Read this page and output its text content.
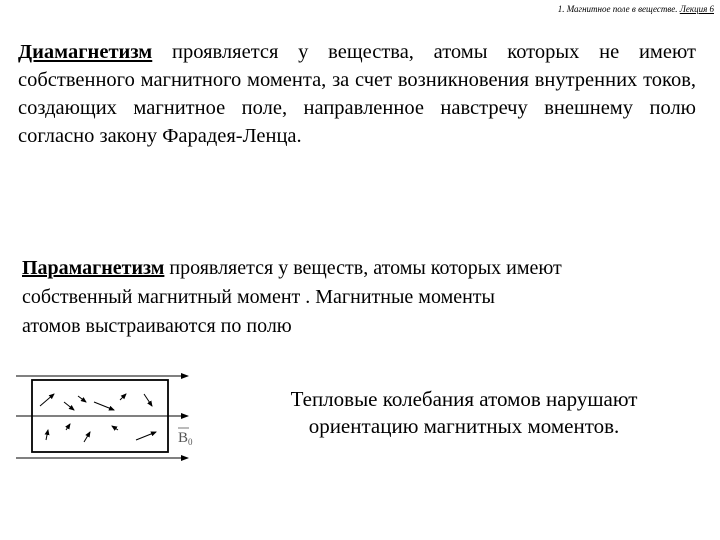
1. Магнитное поле в веществе. Лекция 6
Диамагнетизм проявляется у вещества, атомы которых не имеют собственного магнитного момента, за счет возникновения внутренних токов, создающих магнитное поле, направленное навстречу внешнему полю согласно закону Фарадея-Ленца.
Парамагнетизм проявляется у веществ, атомы которых имеют
собственный магнитный момент . Магнитные моменты
атомов выстраиваются по полю
$B_0$
Тепловые колебания атомов нарушают
ориентацию магнитных моментов.
